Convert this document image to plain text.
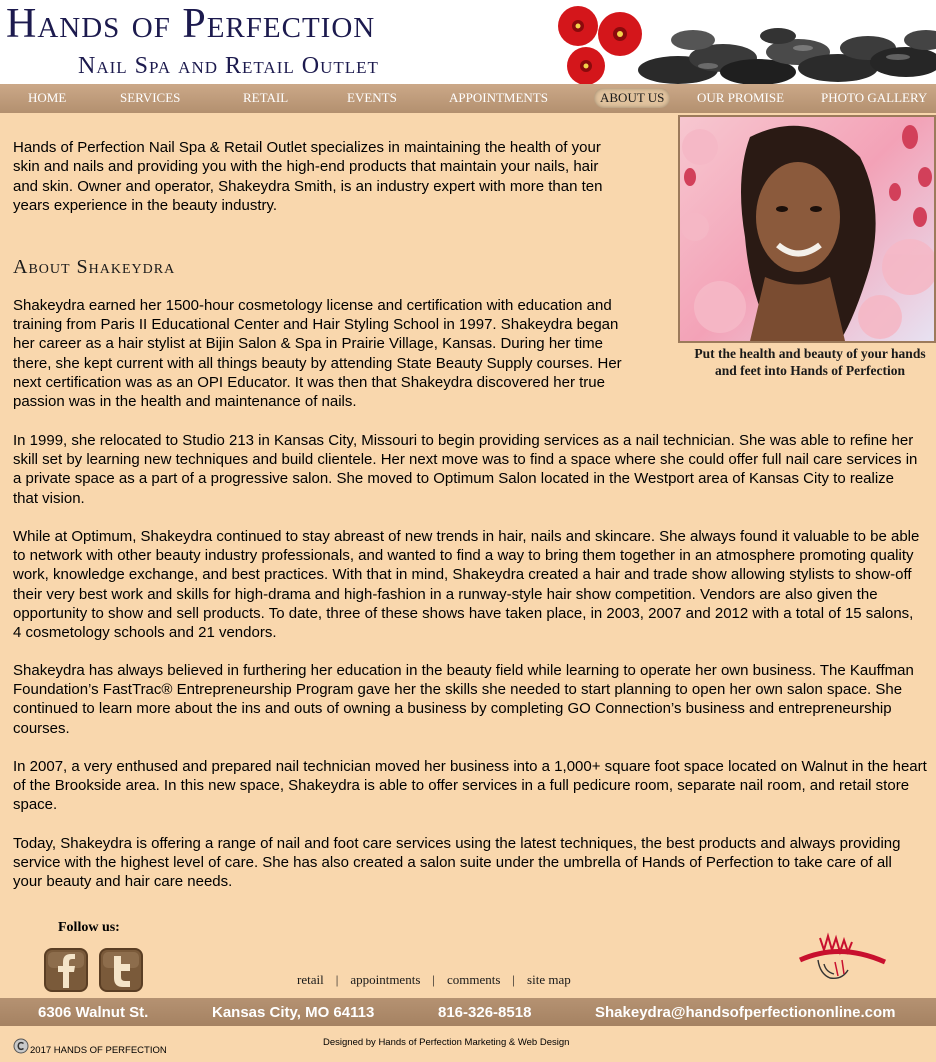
Hands of Perfection
Nail Spa and Retail Outlet
HOME	SERVICES	RETAIL	EVENTS	APPOINTMENTS	ABOUT US	OUR PROMISE	PHOTO GALLERY
Hands of Perfection Nail Spa & Retail Outlet specializes in maintaining the health of your skin and nails and providing you with the high-end products that maintain your nails, hair and skin. Owner and operator, Shakeydra Smith, is an industry expert with more than ten years experience in the beauty industry.
About Shakeydra

Shakeydra earned her 1500-hour cosmetology license and certification with education and training from Paris II Educational Center and Hair Styling School in 1997. Shakeydra began her career as a hair stylist at Bijin Salon & Spa in Prairie Village, Kansas. During her time there, she kept current with all things beauty by attending State Beauty Supply courses. Her next certification was as an OPI Educator. It was then that Shakeydra discovered her true passion was in the health and maintenance of nails.

In 1999, she relocated to Studio 213 in Kansas City, Missouri to begin providing services as a nail technician. She was able to refine her skill set by learning new techniques and build clientele. Her next move was to find a space where she could offer full nail care services in a private space as a part of a progressive salon. She moved to Optimum Salon located in the Westport area of Kansas City to realize that vision.

While at Optimum, Shakeydra continued to stay abreast of new trends in hair, nails and skincare. She always found it valuable to be able to network with other beauty industry professionals, and wanted to find a way to bring them together in an atmosphere promoting quality work, knowledge exchange, and best practices. With that in mind, Shakeydra created a hair and trade show allowing stylists to show-off their very best work and skills for high-drama and high-fashion in a runway-style hair show competition. Vendors are also given the opportunity to show and sell products. To date, three of these shows have taken place, in 2003, 2007 and 2012 with a total of 15 salons, 4 cosmetology schools and 21 vendors.

Shakeydra has always believed in furthering her education in the beauty field while learning to operate her own business. The Kauffman Foundation’s FastTrac® Entrepreneurship Program gave her the skills she needed to start planning to open her own salon space. She continued to learn more about the ins and outs of owning a business by completing GO Connection’s business and entrepreneurship courses.

In 2007, a very enthused and prepared nail technician moved her business into a 1,000+ square foot space located on Walnut in the heart of the Brookside area. In this new space, Shakeydra is able to offer services in a full pedicure room, separate nail room, and retail store space.

Today, Shakeydra is offering a range of nail and foot care services using the latest techniques, the best products and always providing service with the highest level of care. She has also created a salon suite under the umbrella of Hands of Perfection to take care of all your beauty and hair care needs.

Put the health and beauty of your hands and feet into Hands of Perfection
Follow us:
retail | appointments | comments | site map
6306 Walnut St.	Kansas City, MO 64113	816-326-8518	Shakeydra@handsofperfectiononline.com
2017 HANDS OF PERFECTION
Designed by Hands of Perfection Marketing & Web Design
